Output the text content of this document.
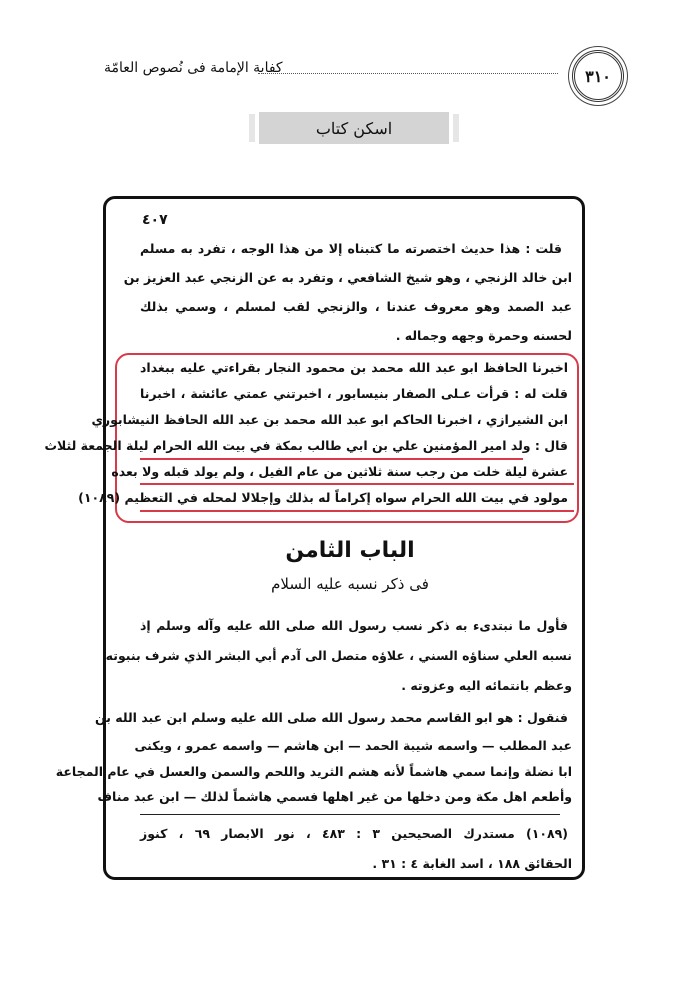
كفاية الإمامة فى نُصوص العامّة	٣١٠
اسكن كتاب
٤٠٧
قلت : هذا حديث اختصرته ما كتبناه إلا من هذا الوجه ، تفرد به مسلم
ابن خالد الزنجي ، وهو شيخ الشافعي ، وتفرد به عن الزنجي عبد العزيز بن
عبد الصمد وهو معروف عندنا ، والزنجي لقب لمسلم ، وسمي بذلك
لحسنه وحمرة وجهه وجماله .
اخبرنا الحافظ ابو عبد الله محمد بن محمود النجار بقراءتي عليه ببغداد
قلت له : قرأت عـلى الصفار بنيسابور ، اخبرتني عمتي عائشة ، اخبرنا
ابن الشيرازي ، اخبرنا الحاكم ابو عبد الله محمد بن عبد الله الحافظ النيشابوري
قال : ولد امير المؤمنين علي بن ابي طالب بمكة في بيت الله الحرام ليلة الجمعة لثلاث
عشرة ليلة خلت من رجب سنة ثلاثين من عام الفيل ، ولم يولد قبله ولا بعده
مولود في بيت الله الحرام سواه إكراماً له بذلك وإجلالا لمحله في التعظيم (١٠٨٩)
الباب الثامن
فى ذكر نسبه عليه السلام
فأول ما نبتدىء به ذكر نسب رسول الله صلى الله عليه وآله وسلم إذ
نسبه العلي سناؤه السني ، علاؤه متصل الى آدم أبي البشر الذي شرف بنبوته
وعظم بانتمائه اليه وعزوته .
فنقول : هو ابو القاسم محمد رسول الله صلى الله عليه وسلم ابن عبد الله بن
عبد المطلب — واسمه شيبة الحمد — ابن هاشم — واسمه عمرو ، ويكنى
ابا نضلة وإنما سمي هاشماً لأنه هشم الثريد واللحم والسمن والعسل في عام المجاعة
وأطعم اهل مكة ومن دخلها من غير اهلها فسمي هاشماً لذلك — ابن عبد مناف
(١٠٨٩) مستدرك الصحيحين ٣ : ٤٨٣ ، نور الابصار ٦٩ ، كنوز
الحقائق ١٨٨ ، اسد الغابة ٤ : ٣١ .
